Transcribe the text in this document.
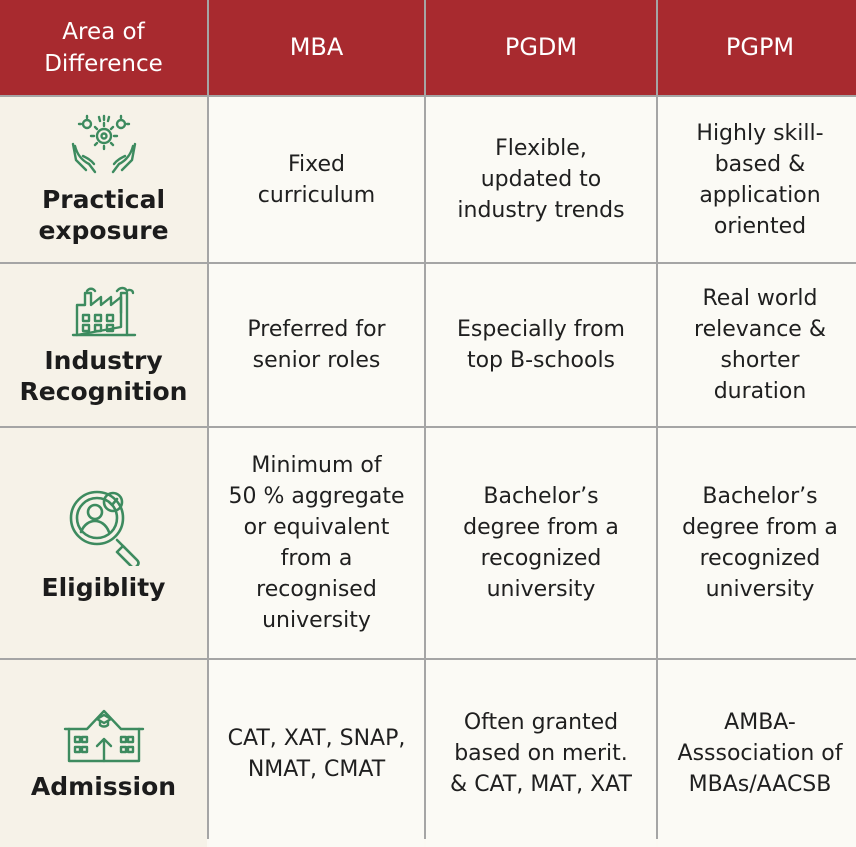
Area of
Difference
MBA	PGDM	PGPM
Practical
exposure
Fixed
curriculum
Flexible,
updated to
industry trends
Highly skill-
based &
application
oriented
Industry
Recognition
Preferred for
senior roles
Especially from
top B-schools
Real world
relevance &
shorter
duration
Eligiblity
Minimum of
50 % aggregate
or equivalent
from a
recognised
university
Bachelor’s
degree from a
recognized
university
Bachelor’s
degree from a
recognized
university
Admission
CAT, XAT, SNAP,
NMAT, CMAT
Often granted
based on merit.
& CAT, MAT, XAT
AMBA-
Asssociation of
MBAs/AACSB
